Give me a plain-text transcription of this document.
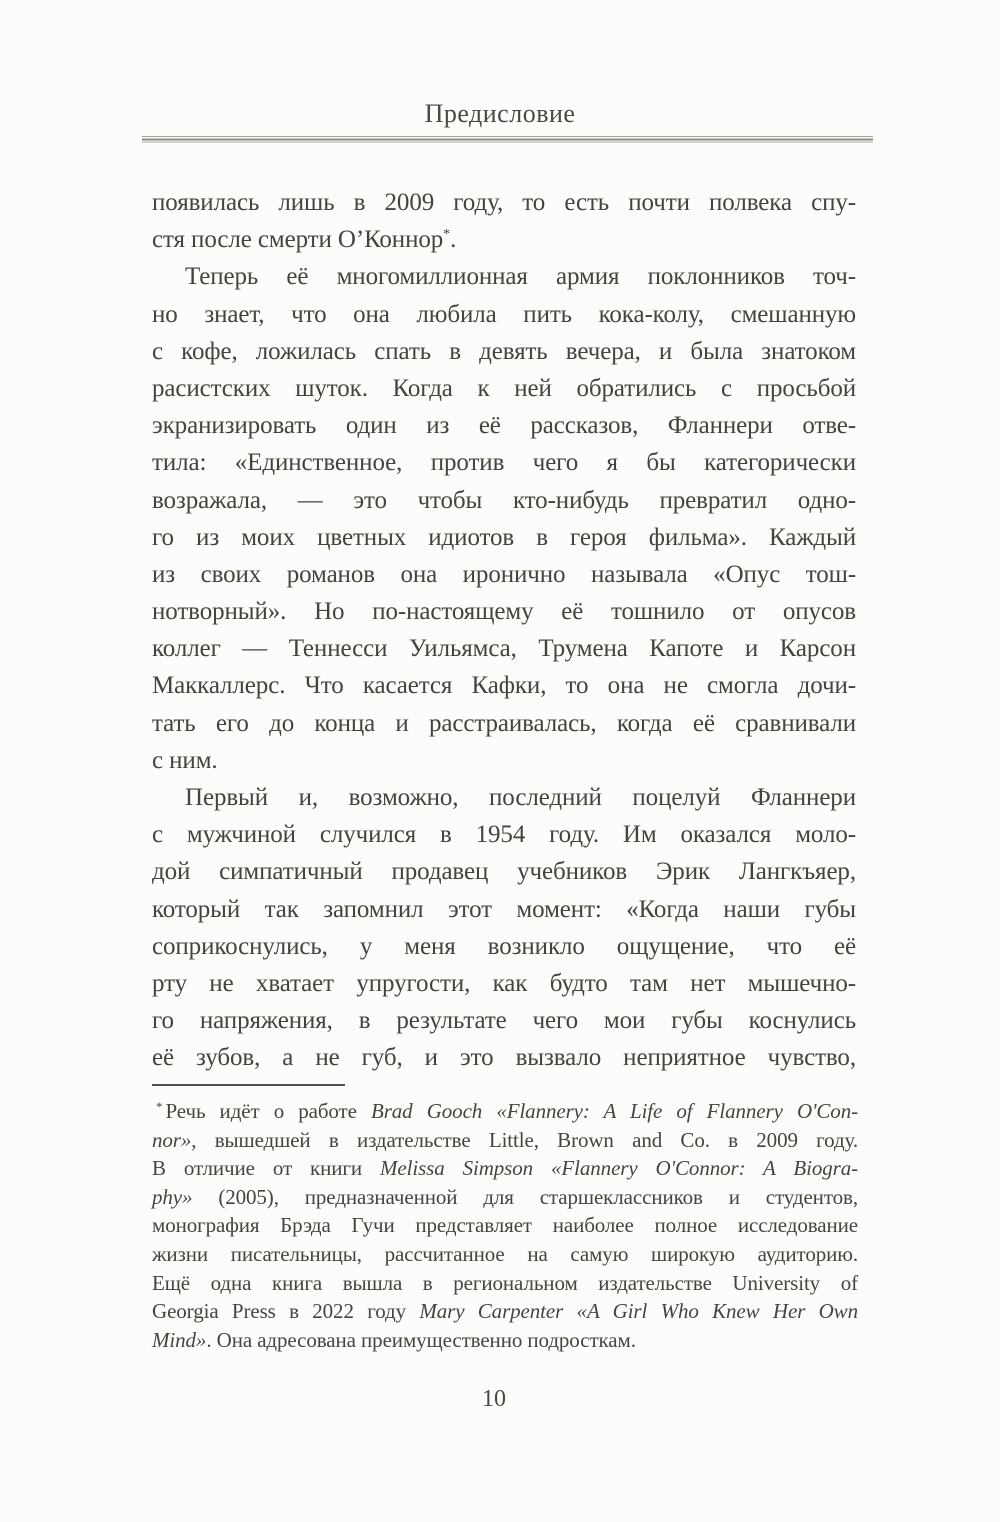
Предисловие
появилась лишь в 2009 году, то есть почти полвека спу-
стя после смерти О’Коннор*.
Теперь её многомиллионная армия поклонников точ-
но знает, что она любила пить кока-колу, смешанную
с кофе, ложилась спать в девять вечера, и была знатоком
расистских шуток. Когда к ней обратились с просьбой
экранизировать один из её рассказов, Фланнери отве-
тила: «Единственное, против чего я бы категорически
возражала, — это чтобы кто-нибудь превратил одно-
го из моих цветных идиотов в героя фильма». Каждый
из своих романов она иронично называла «Опус тош-
нотворный». Но по-настоящему её тошнило от опусов
коллег — Теннесси Уильямса, Трумена Капоте и Карсон
Маккаллерс. Что касается Кафки, то она не смогла дочи-
тать его до конца и расстраивалась, когда её сравнивали
с ним.
Первый и, возможно, последний поцелуй Фланнери
с мужчиной случился в 1954 году. Им оказался моло-
дой симпатичный продавец учебников Эрик Лангкъяер,
который так запомнил этот момент: «Когда наши губы
соприкоснулись, у меня возникло ощущение, что её
рту не хватает упругости, как будто там нет мышечно-
го напряжения, в результате чего мои губы коснулись
её зубов, а не губ, и это вызвало неприятное чувство,
* Речь идёт о работе Brad Gooch «Flannery: A Life of Flannery O'Con-
nor», вышедшей в издательстве Little, Brown and Co. в 2009 году.
В отличие от книги Melissa Simpson «Flannery O'Connor: A Biogra-
phy» (2005), предназначенной для старшеклассников и студентов,
монография Брэда Гучи представляет наиболее полное исследование
жизни писательницы, рассчитанное на самую широкую аудиторию.
Ещё одна книга вышла в региональном издательстве University of
Georgia Press в 2022 году Mary Carpenter «A Girl Who Knew Her Own
Mind». Она адресована преимущественно подросткам.
10
